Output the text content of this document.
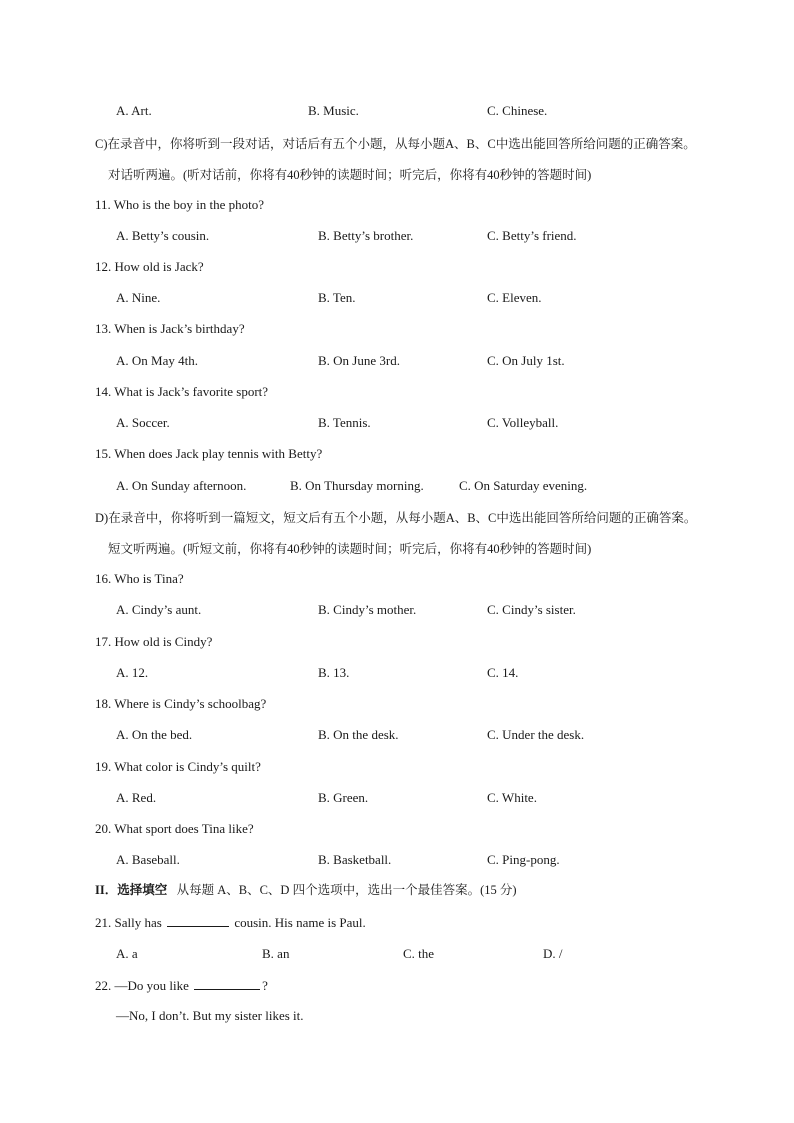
A. Art.	B. Music.	C. Chinese.
C)在录音中，你将听到一段对话，对话后有五个小题，从每小题A、B、C中选出能回答所给问题的正确答案。
对话听两遍。(听对话前，你将有40秒钟的读题时间；听完后，你将有40秒钟的答题时间)
11. Who is the boy in the photo?
A. Betty’s cousin.	B. Betty’s brother.	C. Betty’s friend.
12. How old is Jack?
A. Nine.	B. Ten.	C. Eleven.
13. When is Jack’s birthday?
A. On May 4th.	B. On June 3rd.	C. On July 1st.
14. What is Jack’s favorite sport?
A. Soccer.	B. Tennis.	C. Volleyball.
15. When does Jack play tennis with Betty?
A. On Sunday afternoon.	B. On Thursday morning.	C. On Saturday evening.
D)在录音中，你将听到一篇短文，短文后有五个小题，从每小题A、B、C中选出能回答所给问题的正确答案。
短文听两遍。(听短文前，你将有40秒钟的读题时间；听完后，你将有40秒钟的答题时间)
16. Who is Tina?
A. Cindy’s aunt.	B. Cindy’s mother.	C. Cindy’s sister.
17. How old is Cindy?
A. 12.	B. 13.	C. 14.
18. Where is Cindy’s schoolbag?
A. On the bed.	B. On the desk.	C. Under the desk.
19. What color is Cindy’s quilt?
A. Red.	B. Green.	C. White.
20. What sport does Tina like?
A. Baseball.	B. Basketball.	C. Ping-pong.
II．选择填空 从每题 A、B、C、D 四个选项中，选出一个最佳答案。(15 分)
21. Sally has	cousin. His name is Paul.
A. a	B. an	C. the	D. /
22. —Do you like	?
—No, I don’t. But my sister likes it.
